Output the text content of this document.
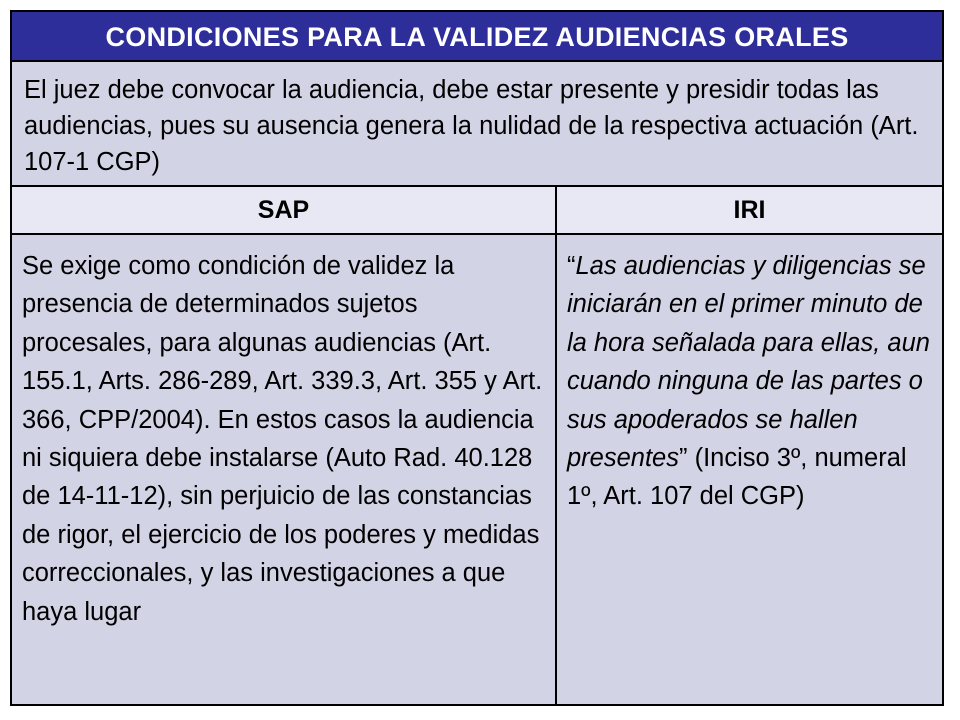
CONDICIONES PARA LA VALIDEZ AUDIENCIAS ORALES
El juez debe convocar la audiencia, debe estar presente y presidir todas las audiencias, pues su ausencia genera la nulidad de la respectiva actuación (Art. 107-1 CGP)
SAP	IRI
Se exige como condición de validez la presencia de determinados sujetos procesales, para algunas audiencias (Art. 155.1, Arts. 286-289, Art. 339.3, Art. 355 y Art. 366, CPP/2004). En estos casos la audiencia ni siquiera debe instalarse (Auto Rad. 40.128 de 14-11-12), sin perjuicio de las constancias de rigor, el ejercicio de los poderes y medidas correccionales, y las investigaciones a que haya lugar
“Las audiencias y diligencias se iniciarán en el primer minuto de la hora señalada para ellas, aun cuando ninguna de las partes o sus apoderados se hallen presentes” (Inciso 3º, numeral 1º, Art. 107 del CGP)
